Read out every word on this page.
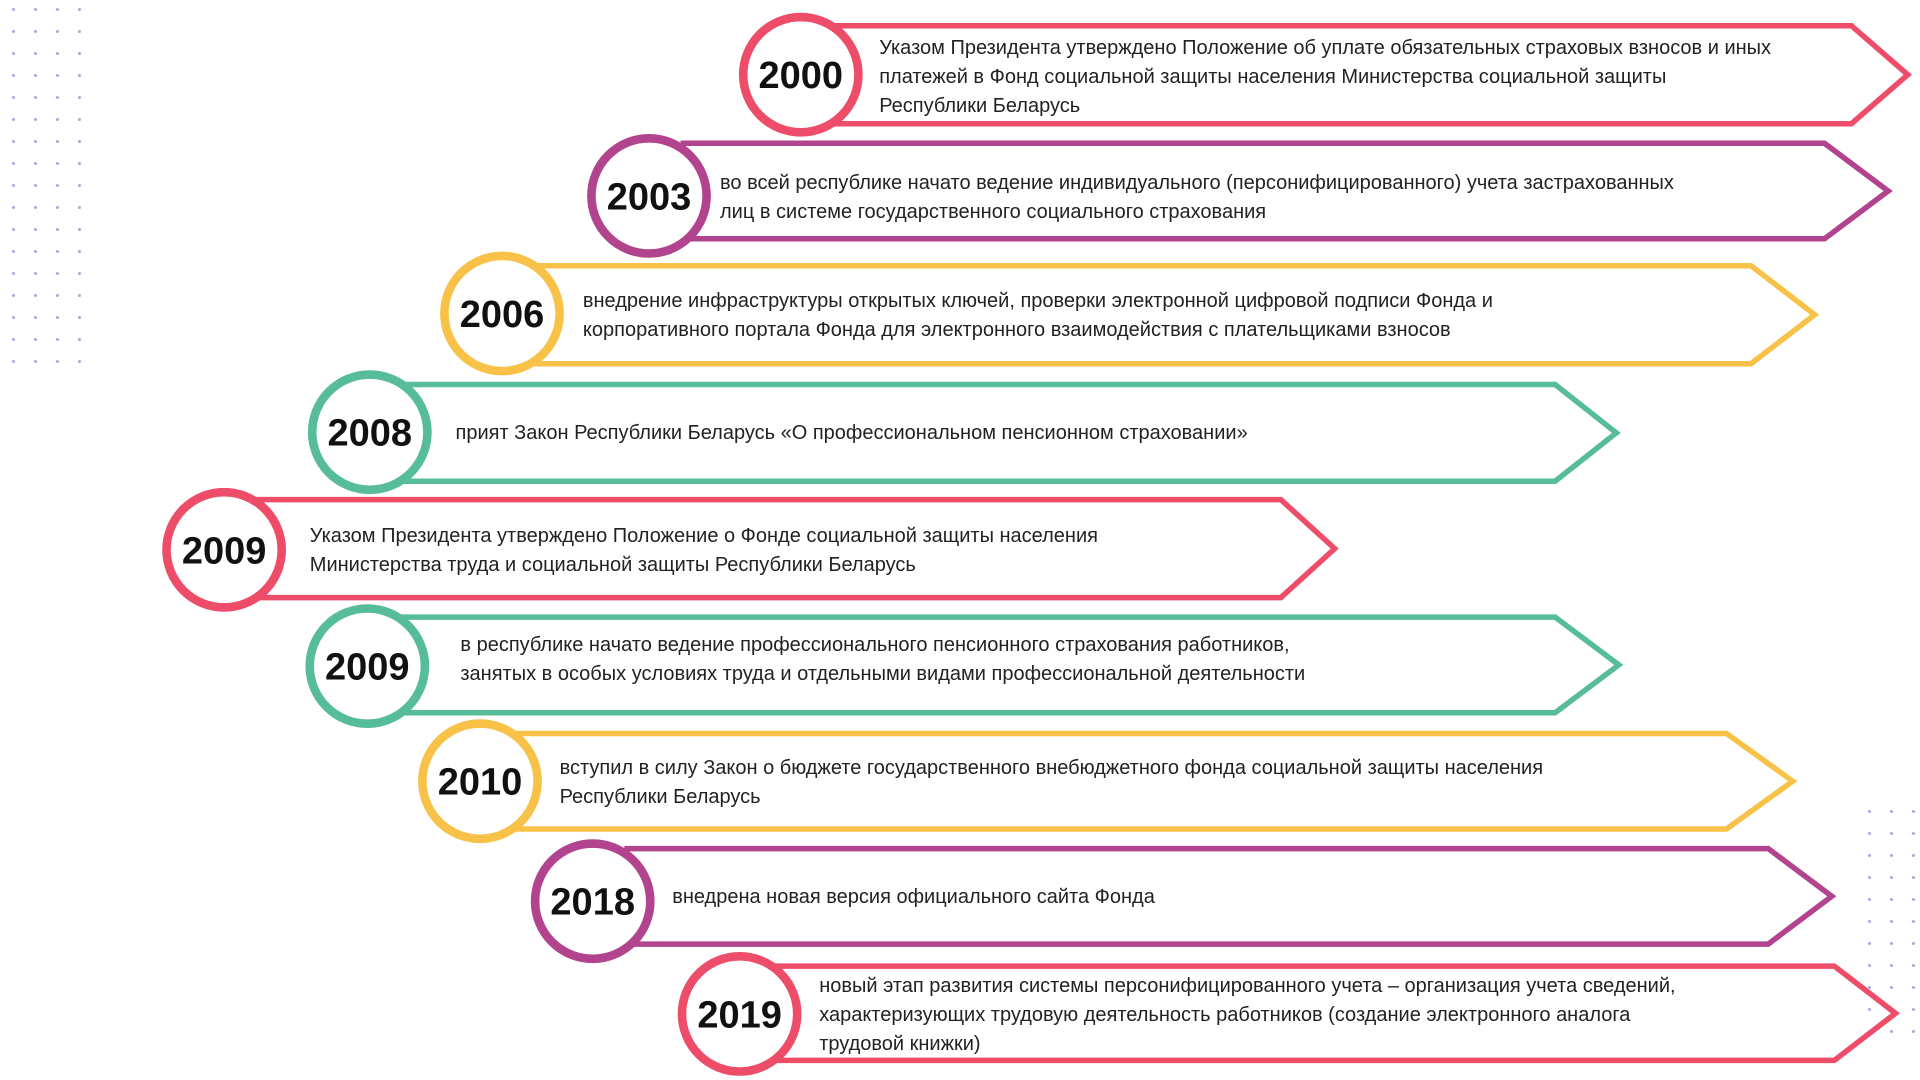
2000
2003
2006
2008
2009
2009
2010
2018
2019
Указом Президента утверждено Положение об уплате обязательных страховых взносов и иных
платежей в Фонд социальной защиты населения Министерства социальной защиты
Республики Беларусь
во всей республике начато ведение индивидуального (персонифицированного) учета застрахованных
лиц в системе государственного социального страхования
внедрение инфраструктуры открытых ключей, проверки электронной цифровой подписи Фонда и
корпоративного портала Фонда для электронного взаимодействия с плательщиками взносов
прият Закон Республики Беларусь «О профессиональном пенсионном страховании»
Указом Президента утверждено Положение о Фонде социальной защиты населения
Министерства труда и социальной защиты Республики Беларусь
в республике начато ведение профессионального пенсионного страхования работников,
занятых в особых условиях труда и отдельными видами профессиональной деятельности
вступил в силу Закон о бюджете государственного внебюджетного фонда социальной защиты населения
Республики Беларусь
внедрена новая версия официального сайта Фонда
новый этап развития системы персонифицированного учета – организация учета сведений,
характеризующих трудовую деятельность работников (создание электронного аналога
трудовой книжки)
